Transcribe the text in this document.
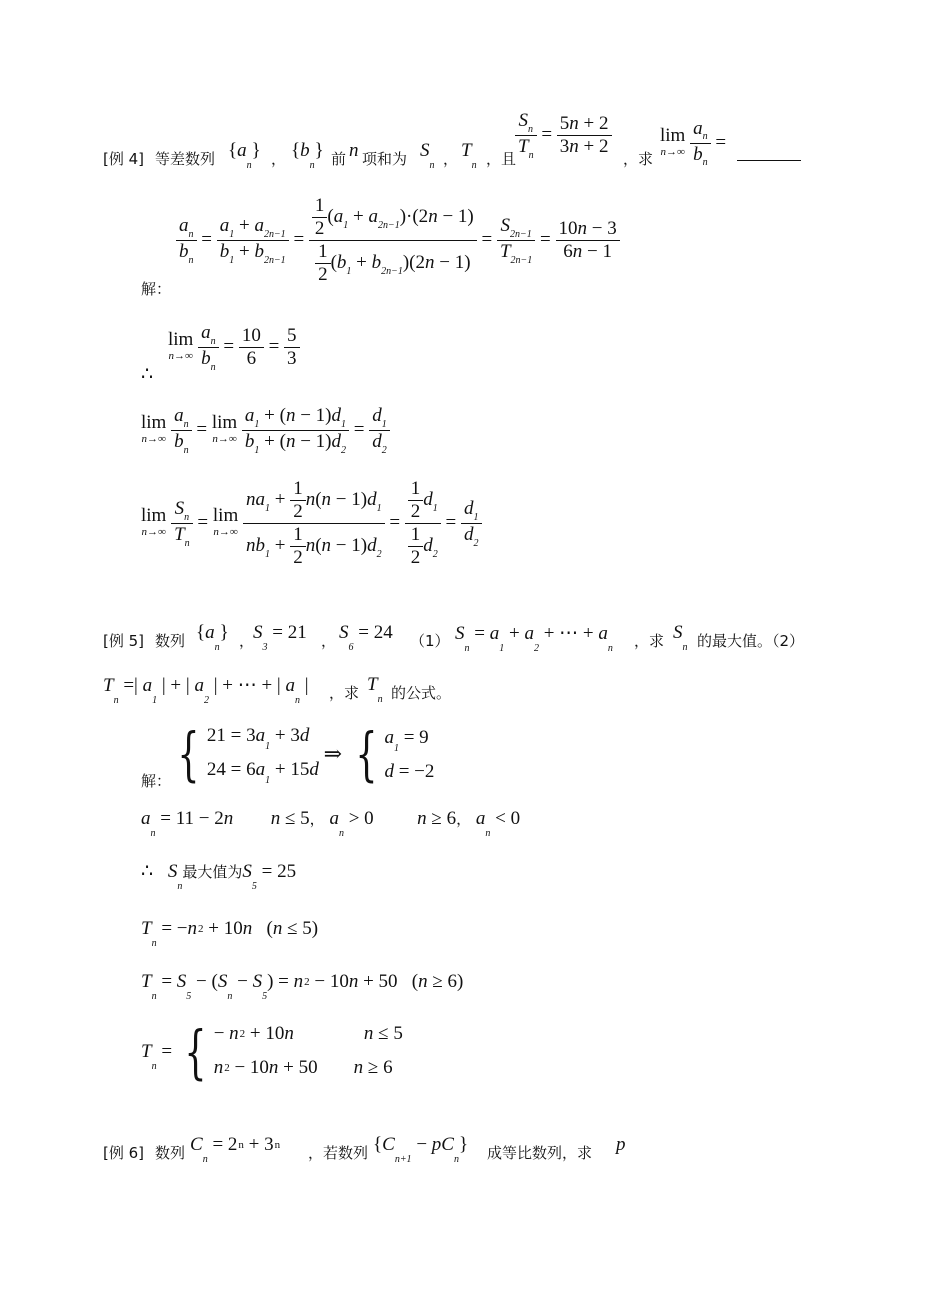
[例 4] 等差数列 $\{a_n\}$ ， $\{b_n\}$ 前 n 项和为 $S_n$ ， $T_n$ ，且
$\frac{S_n}{T_n} = \frac{5n + 2}{3n + 2}$
，求
lim
n→∞
$\frac{a_n}{b_n}$ =
解：
$\frac{a_n}{b_n} = \frac{a_1 + a_{2n-1}}{b_1 + b_{2n-1}} = \frac{\frac{1}{2} (a_1 + a_{2n-1})\cdot(2n - 1)}{\frac{1}{2} (b_1 + b_{2n-1})(2n - 1)} = \frac{S_{2n-1}}{T_{2n-1}} = \frac{10n - 3}{6n - 1}$
∴
lim
n→∞
$\frac{a_n}{b_n} = \frac{10}{6} = \frac{5}{3}$
lim
n→∞
$\frac{a_n}{b_n} = \lim$
n→∞
$\frac{a_1 + (n - 1)d_1}{b_1 + (n - 1)d_2} = \frac{d_1}{d_2}$
lim
n→∞
$\frac{S_n}{T_n} = \lim$
n→∞
$\frac{na_1 + \frac{1}{2} n(n - 1)d_1}{nb_1 + \frac{1}{2} n(n - 1)d_2} = \frac{\frac{1}{2} d_1}{\frac{1}{2} d_2} = \frac{d_1}{d_2}$
[例 5] 数列 $\{a_n\}$ ，
$S_3 = 21$ ， $S_6 = 24$ （1） $S_n = a_1 + a_2$ + ⋯ + $a_n$ ，求 $S_n$ 的最大值。（2）
$T_n$ =| $a_1$ | + | $a_2$ | + ⋯ + | $a_n$ | ，求 $T_n$ 的公式。
解： { $21 = 3a_1 + 3d$
$24 = 6a_1 + 15d$ ⇒ { $a_1 = 9$
d = −2
$a_n = 11 - 2n$ n ≤ 5， $a_n > 0$  n ≥ 6， $a_n < 0$
∴ $S_n$最大值为$S_5 = 25$
$T_n = -n2 + 10n$   (n ≤ 5)
$T_n = S_5 - (S_n - S_5) = n2 - 10n + 50$   (n ≥ 6)
$T_n$ = { − n2 + 10n	n ≤ 5
n2 − 10n + 50 n ≥ 6
[例 6] 数列 $C_n = 2n + 3n$ ，若数列 $\{C_{n+1} - pC_n\}$ 成等比数列，求 p
